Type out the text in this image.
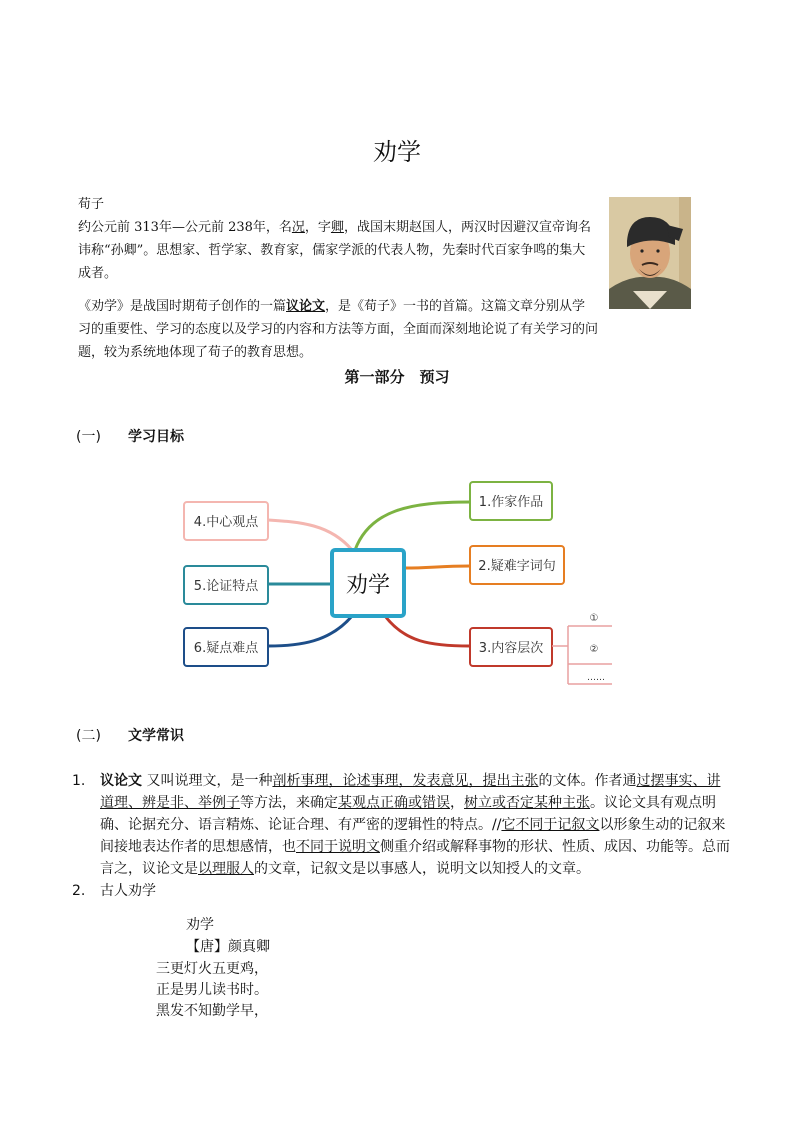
劝学

荀子

约公元前 313年—公元前 238年，名况，字卿，战国末期赵国人，两汉时因避汉宣帝询名讳称“孙卿”。思想家、哲学家、教育家，儒家学派的代表人物，先秦时代百家争鸣的集大成者。

《劝学》是战国时期荀子创作的一篇议论文，是《荀子》一书的首篇。这篇文章分别从学习的重要性、学习的态度以及学习的内容和方法等方面，全面而深刻地论说了有关学习的问题，较为系统地体现了荀子的教育思想。

第一部分　预习
(一) 学习目标
劝学
1.作家作品
2.疑难字词句
3.内容层次
4.中心观点
5.论证特点
6.疑点难点
①
②
……
(二) 文学常识
1. 议论文 又叫说理文，是一种剖析事理，论述事理，发表意见，提出主张的文体。作者通过摆事实、讲道理、辨是非、举例子等方法，来确定某观点正确或错误，树立或否定某种主张。议论文具有观点明确、论据充分、语言精炼、论证合理、有严密的逻辑性的特点。//它不同于记叙文以形象生动的记叙来间接地表达作者的思想感情，也不同于说明文侧重介绍或解释事物的形状、性质、成因、功能等。总而言之，议论文是以理服人的文章，记叙文是以事感人，说明文以知授人的文章。
2. 古人劝学
劝学
【唐】颜真卿
三更灯火五更鸡，
正是男儿读书时。
黑发不知勤学早，
